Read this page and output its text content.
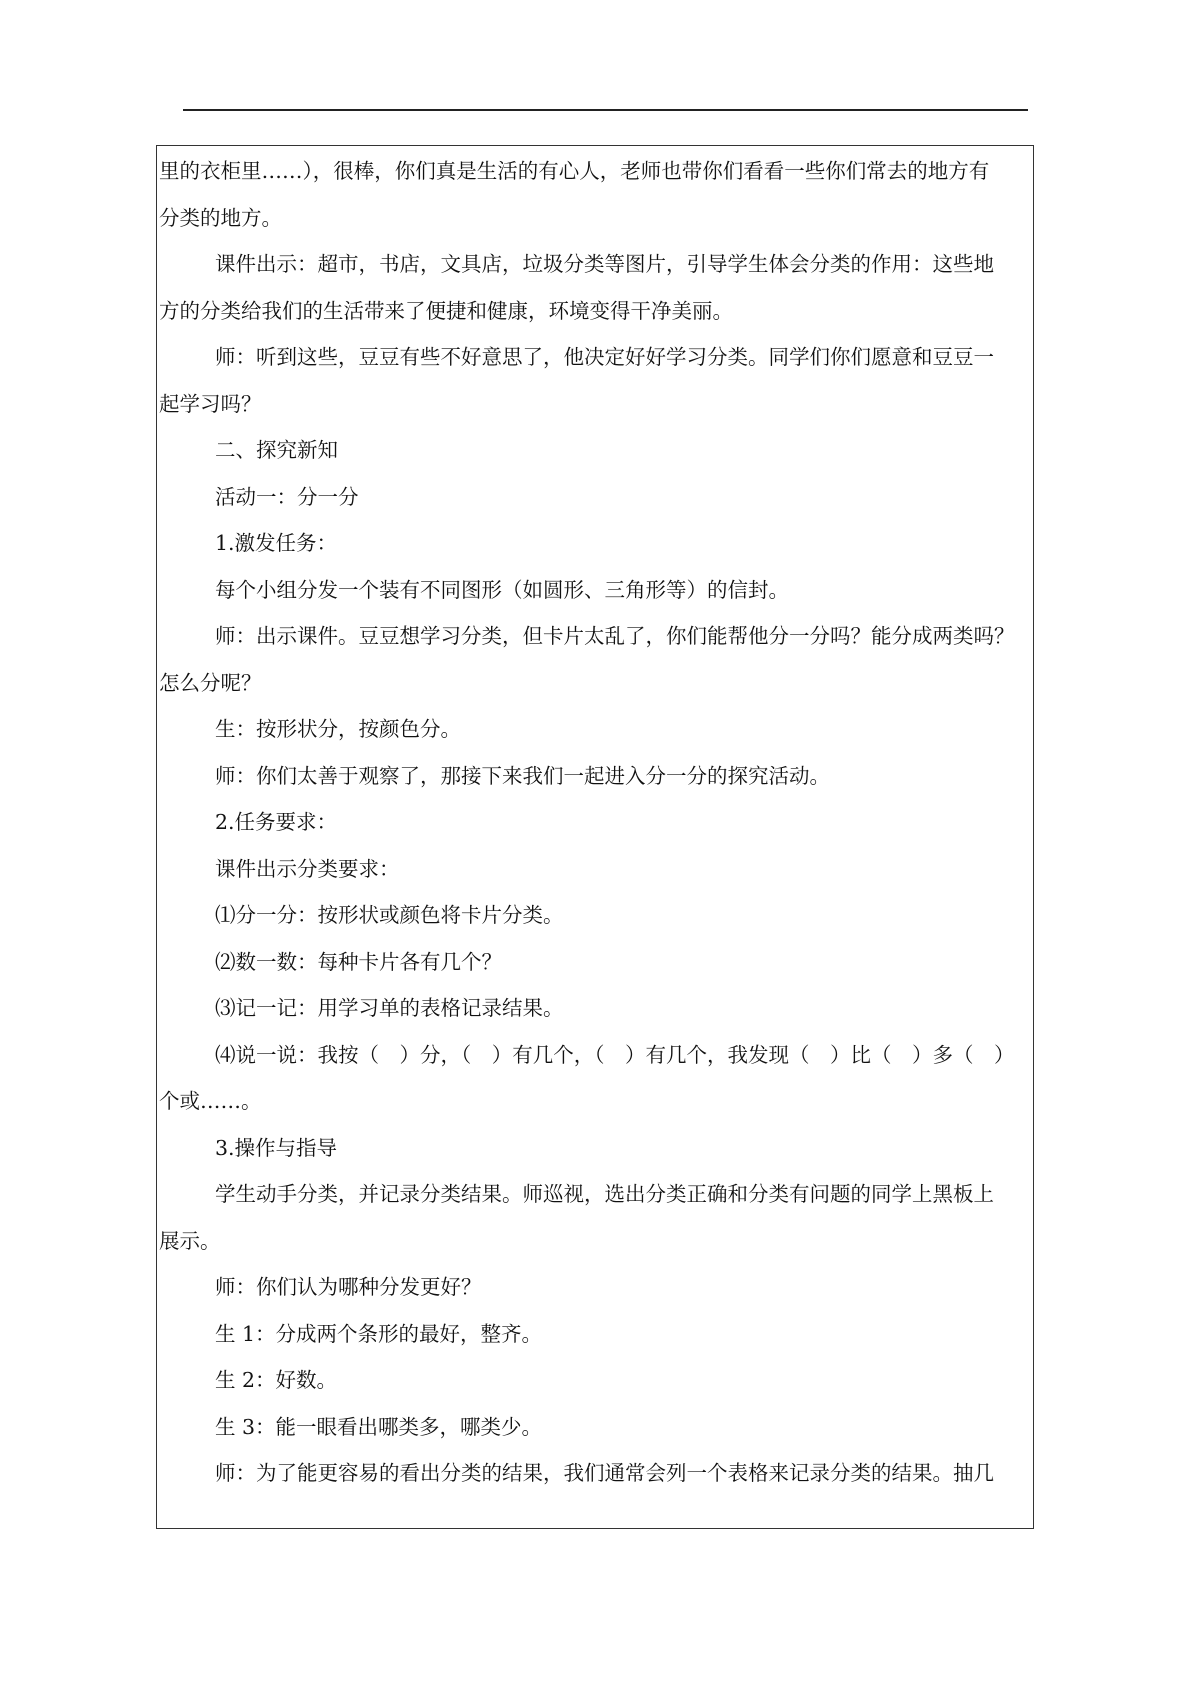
里的衣柜里……），很棒，你们真是生活的有心人，老师也带你们看看一些你们常去的地方有
分类的地方。
课件出示：超市，书店，文具店，垃圾分类等图片，引导学生体会分类的作用：这些地
方的分类给我们的生活带来了便捷和健康，环境变得干净美丽。
师：听到这些，豆豆有些不好意思了，他决定好好学习分类。同学们你们愿意和豆豆一
起学习吗？
二、探究新知
活动一：分一分
1.激发任务：
每个小组分发一个装有不同图形（如圆形、三角形等）的信封。
师：出示课件。豆豆想学习分类，但卡片太乱了，你们能帮他分一分吗？能分成两类吗？
怎么分呢？
生：按形状分，按颜色分。
师：你们太善于观察了，那接下来我们一起进入分一分的探究活动。
2.任务要求：
课件出示分类要求：
⑴分一分：按形状或颜色将卡片分类。
⑵数一数：每种卡片各有几个？
⑶记一记：用学习单的表格记录结果。
⑷说一说：我按（　）分，（　）有几个，（　）有几个，我发现（　）比（　）多（　）
个或……。
3.操作与指导
学生动手分类，并记录分类结果。师巡视，选出分类正确和分类有问题的同学上黑板上
展示。
师：你们认为哪种分发更好？
生 1：分成两个条形的最好，整齐。
生 2：好数。
生 3：能一眼看出哪类多，哪类少。
师：为了能更容易的看出分类的结果，我们通常会列一个表格来记录分类的结果。抽几
